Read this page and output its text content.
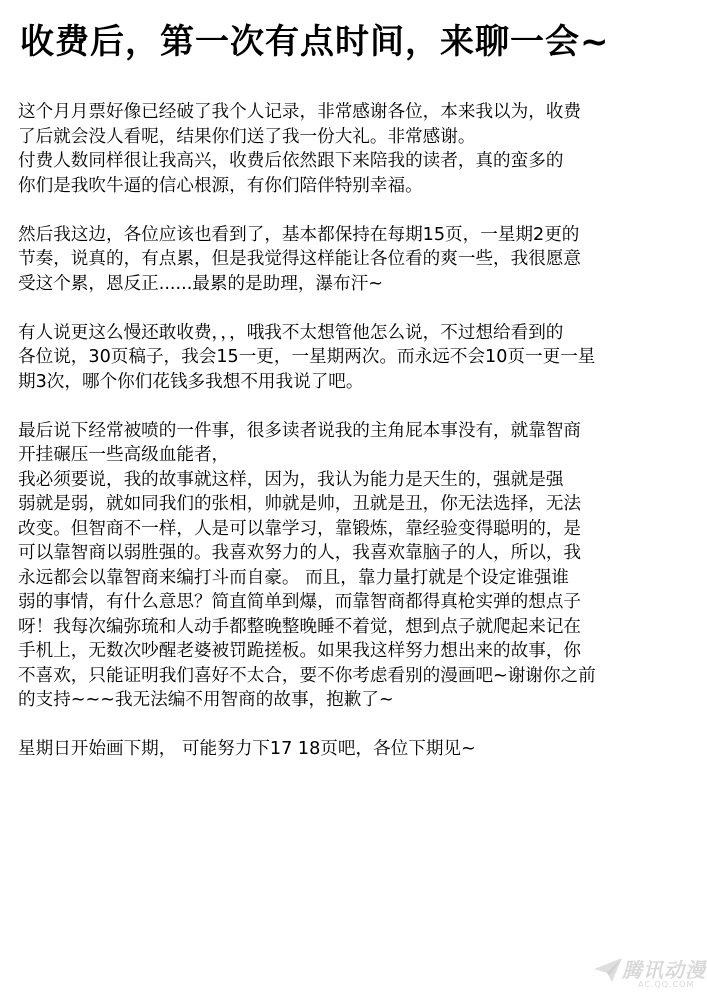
收费后，第一次有点时间，来聊一会~
这个月月票好像已经破了我个人记录，非常感谢各位，本来我以为，收费
了后就会没人看呢，结果你们送了我一份大礼。非常感谢。
付费人数同样很让我高兴，收费后依然跟下来陪我的读者，真的蛮多的
你们是我吹牛逼的信心根源，有你们陪伴特别幸福。
然后我这边，各位应该也看到了，基本都保持在每期15页，一星期2更的
节奏，说真的，有点累，但是我觉得这样能让各位看的爽一些，我很愿意
受这个累，恩反正......最累的是助理，瀑布汗~
有人说更这么慢还敢收费，，，哦我不太想管他怎么说，不过想给看到的
各位说，30页稿子，我会15一更，一星期两次。而永远不会10页一更一星
期3次，哪个你们花钱多我想不用我说了吧。
最后说下经常被喷的一件事，很多读者说我的主角屁本事没有，就靠智商
开挂碾压一些高级血能者，
我必须要说，我的故事就这样，因为，我认为能力是天生的，强就是强
弱就是弱，就如同我们的张相，帅就是帅，丑就是丑，你无法选择，无法
改变。但智商不一样，人是可以靠学习，靠锻炼，靠经验变得聪明的，是
可以靠智商以弱胜强的。我喜欢努力的人，我喜欢靠脑子的人，所以，我
永远都会以靠智商来编打斗而自豪。 而且，靠力量打就是个设定谁强谁
弱的事情，有什么意思？简直简单到爆，而靠智商都得真枪实弹的想点子
呀！我每次编弥琉和人动手都整晚整晚睡不着觉，想到点子就爬起来记在
手机上，无数次吵醒老婆被罚跪搓板。如果我这样努力想出来的故事，你
不喜欢，只能证明我们喜好不太合，要不你考虑看别的漫画吧~谢谢你之前
的支持~~~我无法编不用智商的故事，抱歉了~
星期日开始画下期， 可能努力下17 18页吧，各位下期见~
腾讯动漫
AC.QQ.COM
